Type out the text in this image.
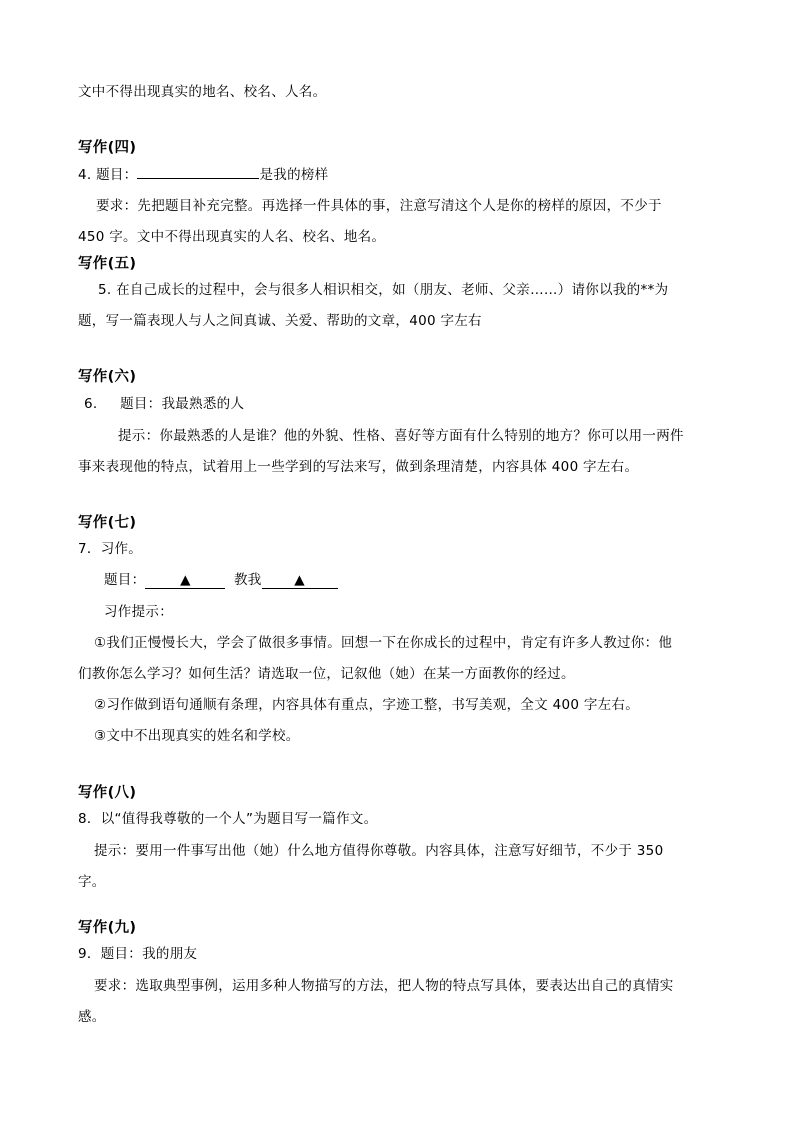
文中不得出现真实的地名、校名、人名。
写作(四)
4. 题目：	是我的榜样
要求：先把题目补充完整。再选择一件具体的事，注意写清这个人是你的榜样的原因，不少于
450 字。文中不得出现真实的人名、校名、地名。
写作(五)
5. 在自己成长的过程中，会与很多人相识相交，如（朋友、老师、父亲……）请你以我的**为
题，写一篇表现人与人之间真诚、关爱、帮助的文章，400 字左右
写作(六)
6. 题目：我最熟悉的人
提示：你最熟悉的人是谁？他的外貌、性格、喜好等方面有什么特别的地方？你可以用一两件
事来表现他的特点，试着用上一些学到的写法来写，做到条理清楚，内容具体 400 字左右。
写作(七)
7．习作。
题目：	▲	教我 ▲
习作提示：
①我们正慢慢长大，学会了做很多事情。回想一下在你成长的过程中，肯定有许多人教过你：他
们教你怎么学习？如何生活？请选取一位，记叙他（她）在某一方面教你的经过。
②习作做到语句通顺有条理，内容具体有重点，字迹工整，书写美观，全文 400 字左右。
③文中不出现真实的姓名和学校。
写作(八)
8．以“值得我尊敬的一个人”为题目写一篇作文。
提示：要用一件事写出他（她）什么地方值得你尊敬。内容具体，注意写好细节，不少于 350
字。
写作(九)
9．题目：我的朋友
要求：选取典型事例，运用多种人物描写的方法，把人物的特点写具体，要表达出自己的真情实
感。
